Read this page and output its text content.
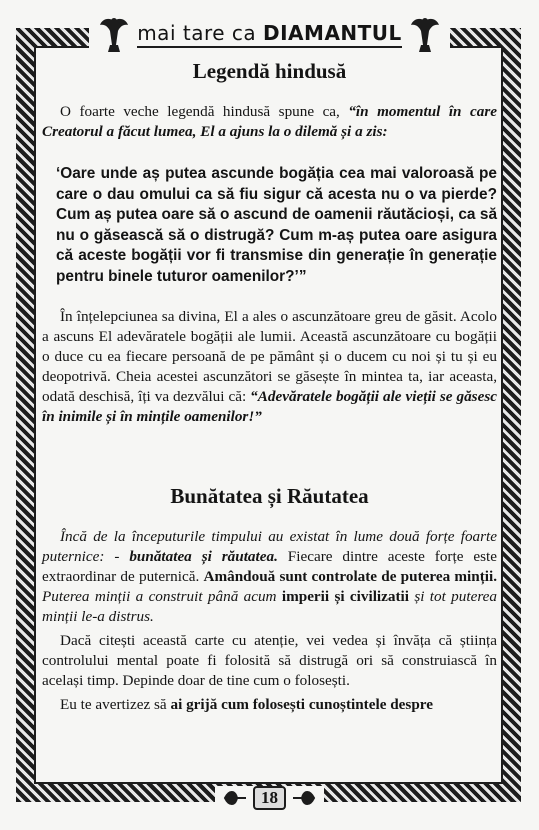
mai tare ca DIAMANTUL
Legendă hindusă

O foarte veche legendă hindusă spune ca, “în momentul în care Creatorul a făcut lumea, El a ajuns la o dilemă și a zis:

‘Oare unde aș putea ascunde bogăția cea mai valoroasă pe care o dau omului ca să fiu sigur că acesta nu o va pierde? Cum aș putea oare să o ascund de oamenii răutăcioși, ca să nu o găsească să o distrugă? Cum m-aș putea oare asigura că aceste bogății vor fi transmise din generație în generație pentru binele tuturor oamenilor?’”

În înțelepciunea sa divina, El a ales o ascunzătoare greu de găsit. Acolo a ascuns El adevăratele bogății ale lumii. Această ascunzătoare cu bogății o duce cu ea fiecare persoană de pe pământ și o ducem cu noi și tu și eu deopotrivă. Cheia acestei ascunzători se găsește în mintea ta, iar aceasta, odată deschisă, îți va dezvălui că: “Adevăratele bogății ale vieții se găsesc în inimile și în mințile oamenilor!”

Bunătatea și Răutatea

Încă de la începuturile timpului au existat în lume două forțe foarte puternice: - bunătatea și răutatea. Fiecare dintre aceste forțe este extraordinar de puternică. Amândouă sunt controlate de puterea minții. Puterea minții a construit până acum imperii și civilizatii și tot puterea minții le-a distrus.

Dacă citești această carte cu atenție, vei vedea și învăța că știința controlului mental poate fi folosită să distrugă ori să construiască în același timp. Depinde doar de tine cum o folosești.

Eu te avertizez să ai grijă cum folosești cunoștintele despre

18
